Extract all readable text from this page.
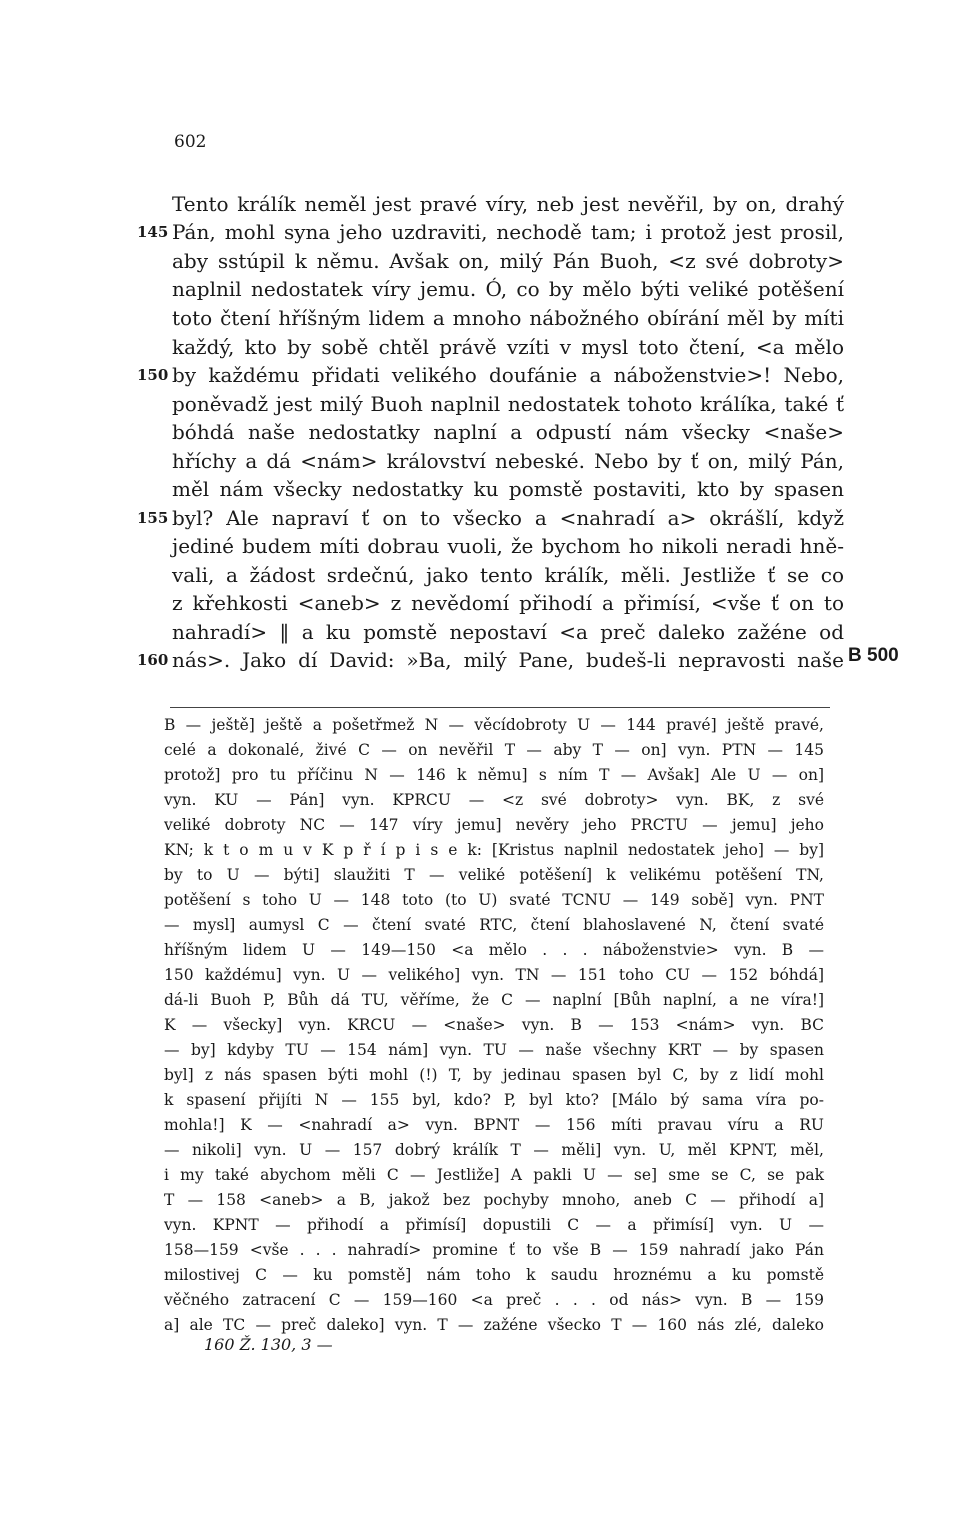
602
Tento králík neměl jest pravé víry, neb jest nevěřil, by on, drahý
Pán, mohl syna jeho uzdraviti, nechodě tam; i protož jest prosil,
aby sstúpil k němu. Avšak on, milý Pán Buoh, <z své dobroty>
naplnil nedostatek víry jemu. Ó, co by mělo býti veliké potěšení
toto čtení hříšným lidem a mnoho nábožného obírání měl by míti
každý, kto by sobě chtěl právě vzíti v mysl toto čtení, <a mělo
by každému přidati velikého doufánie a náboženstvie>! Nebo,
poněvadž jest milý Buoh naplnil nedostatek tohoto králíka, také ť
bóhdá naše nedostatky naplní a odpustí nám všecky <naše>
hříchy a dá <nám> království nebeské. Nebo by ť on, milý Pán,
měl nám všecky nedostatky ku pomstě postaviti, kto by spasen
byl? Ale napraví ť on to všecko a <nahradí a> okrášlí, když
jediné budem míti dobrau vuoli, že bychom ho nikoli neradi hně-
vali, a žádost srdečnú, jako tento králík, měli. Jestliže ť se co
z křehkosti <aneb> z nevědomí přihodí a přimísí, <vše ť on to
nahradí> ‖ a ku pomstě nepostaví <a preč daleko zažéne od
nás>. Jako dí David: »Ba, milý Pane, budeš-li nepravosti naše
145
150
155
160	B 500
B — ještě] ještě a pošetřmež N — věcídobroty U — 144 pravé] ještě pravé,
celé a dokonalé, živé C — on nevěřil T — aby T — on] vyn. PTN — 145
protož] pro tu příčinu N — 146 k němu] s ním T — Avšak] Ale U — on]
vyn. KU — Pán] vyn. KPRCU — <z své dobroty> vyn. BK, z své
veliké dobroty NC — 147 víry jemu] nevěry jeho PRCTU — jemu] jeho
KN; k t o m u v K p ř í p i s e k: [Kristus naplnil nedostatek jeho] — by]
by to U — býti] slaužiti T — veliké potěšení] k velikému potěšení TN,
potěšení s toho U — 148 toto (to U) svaté TCNU — 149 sobě] vyn. PNT
— mysl] aumysl C — čtení svaté RTC, čtení blahoslavené N, čtení svaté
hříšným lidem U — 149—150 <a mělo . . . náboženstvie> vyn. B —
150 každému] vyn. U — velikého] vyn. TN — 151 toho CU — 152 bóhdá]
dá-li Buoh P, Bůh dá TU, věříme, že C — naplní [Bůh naplní, a ne víra!]
K — všecky] vyn. KRCU — <naše> vyn. B — 153 <nám> vyn. BC
— by] kdyby TU — 154 nám] vyn. TU — naše všechny KRT — by spasen
byl] z nás spasen býti mohl (!) T, by jedinau spasen byl C, by z lidí mohl
k spasení přijíti N — 155 byl, kdo? P, byl kto? [Málo bý sama víra po-
mohla!] K — <nahradí a> vyn. BPNT — 156 míti pravau víru a RU
— nikoli] vyn. U — 157 dobrý králík T — měli] vyn. U, měl KPNT, měl,
i my také abychom měli C — Jestliže] A pakli U — se] sme se C, se pak
T — 158 <aneb> a B, jakož bez pochyby mnoho, aneb C — přihodí a]
vyn. KPNT — přihodí a přimísí] dopustili C — a přimísí] vyn. U —
158—159 <vše . . . nahradí> promine ť to vše B — 159 nahradí jako Pán
milostivej C — ku pomstě] nám toho k saudu hroznému a ku pomstě
věčného zatracení C — 159—160 <a preč . . . od nás> vyn. B — 159
a] ale TC — preč daleko] vyn. T — zažéne všecko T — 160 nás zlé, daleko
160 Ž. 130, 3 —
